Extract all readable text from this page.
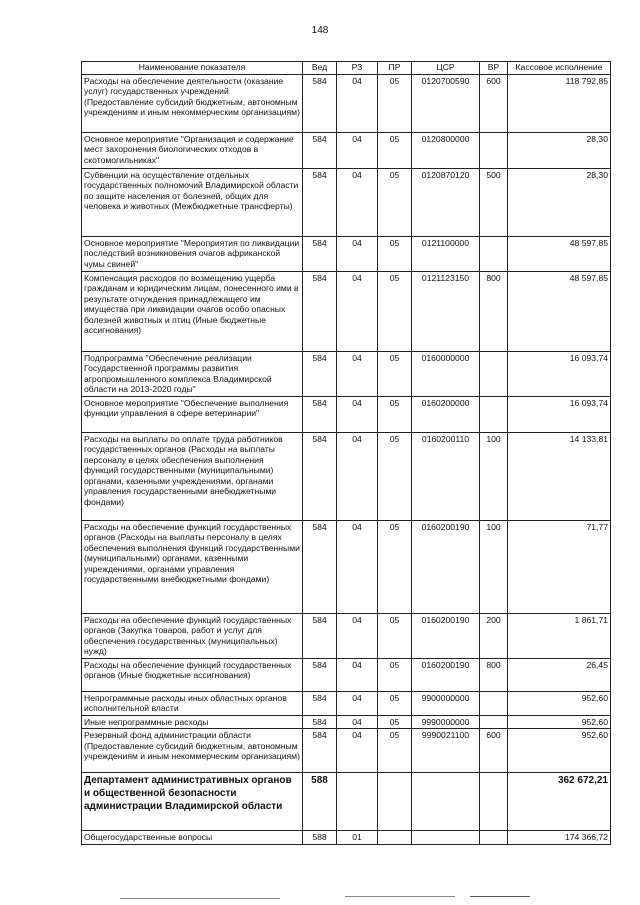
148
Наименование показателя	Вед	РЗ	ПР	ЦСР	ВР	Кассовое исполнение
Расходы на обеспечение деятельности (оказание услуг) государственных учреждений (Предоставление субсидий бюджетным, автономным учреждениям и иным некоммерческим организациям)	584	04	05	0120700590	600	118 792,85
Основное мероприятие "Организация и содержание мест захоронения биологических отходов в скотомогильниках"	584	04	05	0120800000		28,30
Субвенции на осуществление отдельных государственных полномочий Владимирской области по защите населения от болезней, общих для человека и животных (Межбюджетные трансферты)	584	04	05	0120870120	500	28,30
Основное мероприятие "Мероприятия по ликвидации последствий возникновения очагов африканской чумы свиней"	584	04	05	0121100000		48 597,85
Компенсация расходов по возмещению ущерба гражданам и юридическим лицам, понесенного ими в результате отчуждения принадлежащего им имущества при ликвидации очагов особо опасных болезней животных и птиц (Иные бюджетные ассигнования)	584	04	05	0121123150	800	48 597,85
Подпрограмма "Обеспечение реализации Государственной программы развития агропромышленного комплекса Владимирской области на 2013-2020 годы"	584	04	05	0160000000		16 093,74
Основное мероприятие "Обеспечение выполнения функции управления в сфере ветеринарии"	584	04	05	0160200000		16 093,74
Расходы на выплаты по оплате труда работников государственных органов (Расходы на выплаты персоналу в целях обеспечения выполнения функций государственными (муниципальными) органами, казенными учреждениями, органами управления государственными внебюджетными фондами)	584	04	05	0160200110	100	14 133,81
Расходы на обеспечение функций государственных органов (Расходы на выплаты персоналу в целях обеспечения выполнения функций государственными (муниципальными) органами, казенными учреждениями, органами управления государственными внебюджетными фондами)	584	04	05	0160200190	100	71,77
Расходы на обеспечение функций государственных органов (Закупка товаров, работ и услуг для обеспечения государственных (муниципальных) нужд)	584	04	05	0160200190	200	1 861,71
Расходы на обеспечение функций государственных органов (Иные бюджетные ассигнования)	584	04	05	0160200190	800	26,45
Непрограммные расходы иных областных органов исполнительной власти	584	04	05	9900000000		952,60
Иные непрограммные расходы	584	04	05	9990000000		952,60
Резервный фонд администрации области (Предоставление субсидий бюджетным, автономным учреждениям и иным некоммерческим организациям)	584	04	05	9990021100	600	952,60
Департамент административных органов и общественной безопасности администрации Владимирской области	588					362 672,21
Общегосударственные вопросы	588	01				174 366,72
